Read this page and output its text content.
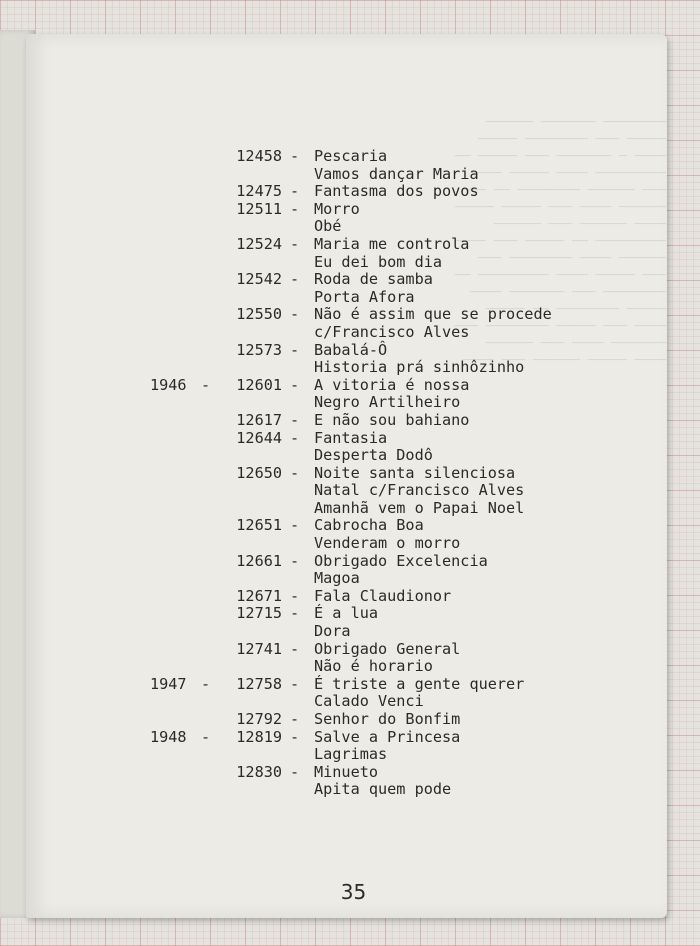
──────── ─────── ──────
───── ─── ──────── ─────
──── ─ ─────── ─── ───── ──
───────── ──── ───── ────
─── ────── ──────── ── ───
────── ──── ─── ───── ─────
──── ────── ─── ──────
───────── ── ───── ─── ────
────── ──── ──────── ───
─── ───── ──── ───────── ──
──────── ─── ─────── ────
───── ──────── ── ─────
──── ─── ───── ──────── ───
─────── ──── ─── ──────
──── ───── ────── ─── ────
12458 - Pescaria
Vamos dançar Maria
12475 - Fantasma dos povos
12511 - Morro
Obé
12524 - Maria me controla
Eu dei bom dia
12542 - Roda de samba
Porta Afora
12550 - Não é assim que se procede
c/Francisco Alves
12573 - Babalá-Ô
Historia prá sinhôzinho
1946 -	12601 - A vitoria é nossa
Negro Artilheiro
12617 - E não sou bahiano
12644 - Fantasia
Desperta Dodô
12650 - Noite santa silenciosa
Natal c/Francisco Alves
Amanhã vem o Papai Noel
12651 - Cabrocha Boa
Venderam o morro
12661 - Obrigado Excelencia
Magoa
12671 - Fala Claudionor
12715 - É a lua
Dora
12741 - Obrigado General
Não é horario
1947 -	12758 - É triste a gente querer
Calado Venci
12792 - Senhor do Bonfim
1948 -	12819 - Salve a Princesa
Lagrimas
12830 - Minueto
Apita quem pode
35
